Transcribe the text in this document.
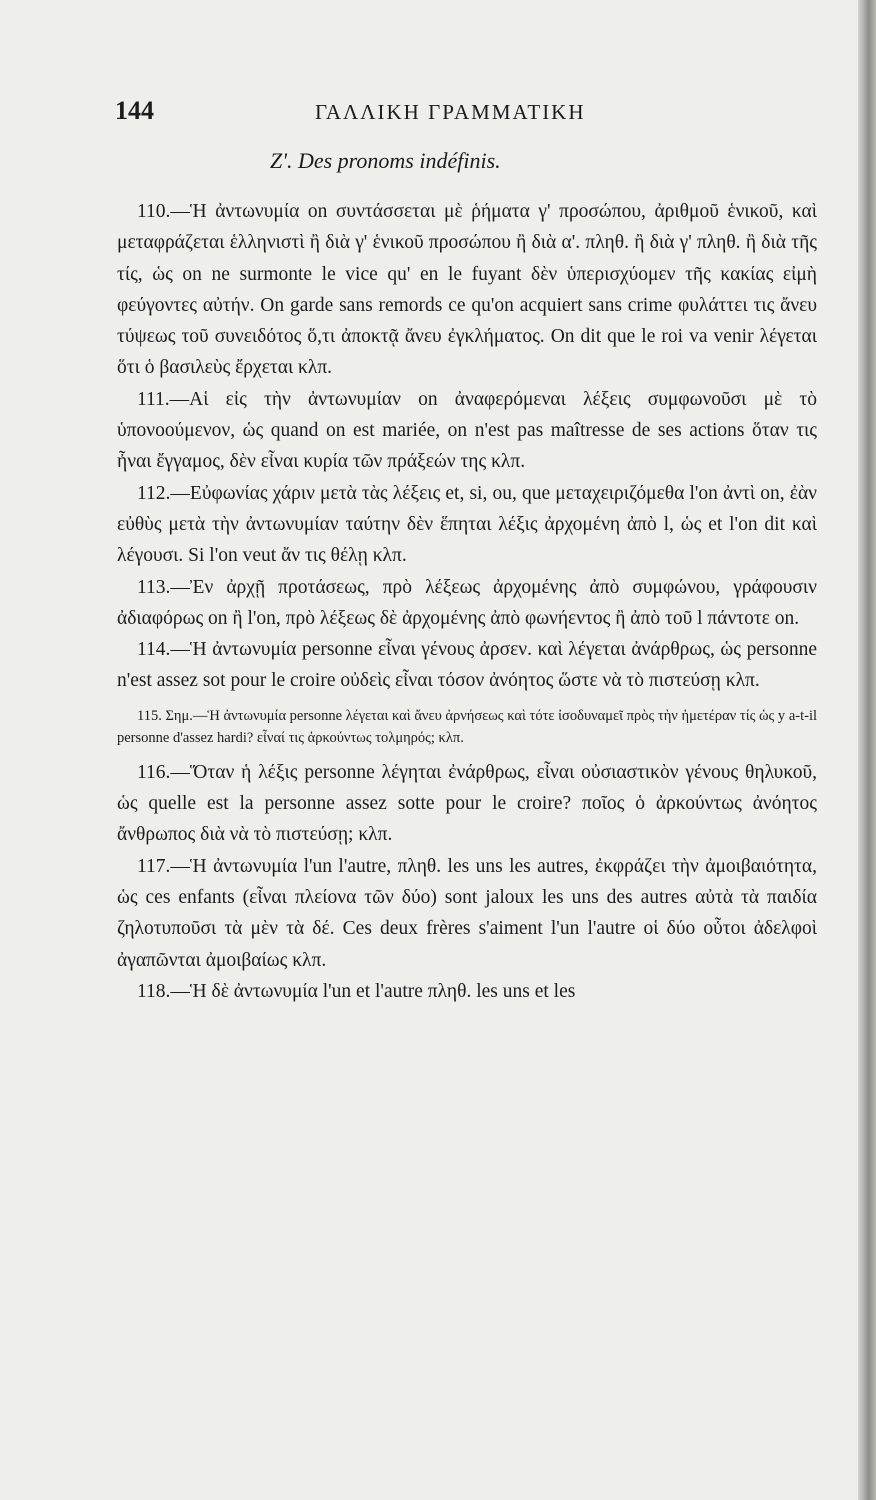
144	ΓΑΛΛΙΚΗ ΓΡΑΜΜΑΤΙΚΗ
Ζ'. Des pronoms indéfinis.

110.—Ἡ ἀντωνυμία on συντάσσεται μὲ ῥήματα γ' προσώπου, ἀριθμοῦ ἑνικοῦ, καὶ μεταφράζεται ἑλληνιστὶ ἢ διὰ γ' ἑνικοῦ προσώπου ἢ διὰ α'. πληθ. ἢ διὰ γ' πληθ. ἢ διὰ τῆς τίς, ὡς on ne surmonte le vice qu' en le fuyant δὲν ὑπερισχύομεν τῆς κακίας εἰμὴ φεύγοντες αὐτήν. On garde sans remords ce qu'on acquiert sans crime φυλάττει τις ἄνευ τύψεως τοῦ συνειδότος ὅ,τι ἀποκτᾷ ἄνευ ἐγκλήματος. On dit que le roi va venir λέγεται ὅτι ὁ βασιλεὺς ἔρχεται κλπ.

111.—Αἱ εἰς τὴν ἀντωνυμίαν on ἀναφερόμεναι λέξεις συμφωνοῦσι μὲ τὸ ὑπονοούμενον, ὡς quand on est mariée, on n'est pas maîtresse de ses actions ὅταν τις ἦναι ἔγγαμος, δὲν εἶναι κυρία τῶν πράξεών της κλπ.

112.—Εὐφωνίας χάριν μετὰ τὰς λέξεις et, si, ou, que μεταχειριζόμεθα l'on ἀντὶ on, ἐὰν εὐθὺς μετὰ τὴν ἀντωνυμίαν ταύτην δὲν ἕπηται λέξις ἀρχομένη ἀπὸ l, ὡς et l'on dit καὶ λέγουσι. Si l'on veut ἄν τις θέλῃ κλπ.

113.—Ἐν ἀρχῇ προτάσεως, πρὸ λέξεως ἀρχομένης ἀπὸ συμφώνου, γράφουσιν ἀδιαφόρως on ἢ l'on, πρὸ λέξεως δὲ ἀρχομένης ἀπὸ φωνήεντος ἢ ἀπὸ τοῦ l πάντοτε on.

114.—Ἡ ἀντωνυμία personne εἶναι γένους ἀρσεν. καὶ λέγεται ἀνάρθρως, ὡς personne n'est assez sot pour le croire οὐδεὶς εἶναι τόσον ἀνόητος ὥστε νὰ τὸ πιστεύσῃ κλπ.

115. Σημ.—Ἡ ἀντωνυμία personne λέγεται καὶ ἄνευ ἀρνήσεως καὶ τότε ἰσοδυναμεῖ πρὸς τὴν ἡμετέραν τίς ὡς y a-t-il personne d'assez hardi? εἶναί τις ἀρκούντως τολμηρός; κλπ.

116.—Ὅταν ἡ λέξις personne λέγηται ἐνάρθρως, εἶναι οὐσιαστικὸν γένους θηλυκοῦ, ὡς quelle est la personne assez sotte pour le croire? ποῖος ὁ ἀρκούντως ἀνόητος ἄνθρωπος διὰ νὰ τὸ πιστεύσῃ; κλπ.

117.—Ἡ ἀντωνυμία l'un l'autre, πληθ. les uns les autres, ἐκφράζει τὴν ἀμοιβαιότητα, ὡς ces enfants (εἶναι πλείονα τῶν δύο) sont jaloux les uns des autres αὐτὰ τὰ παιδία ζηλοτυποῦσι τὰ μὲν τὰ δέ. Ces deux frères s'aiment l'un l'autre οἱ δύο οὗτοι ἀδελφοὶ ἀγαπῶνται ἀμοιβαίως κλπ.

118.—Ἡ δὲ ἀντωνυμία l'un et l'autre πληθ. les uns et les
